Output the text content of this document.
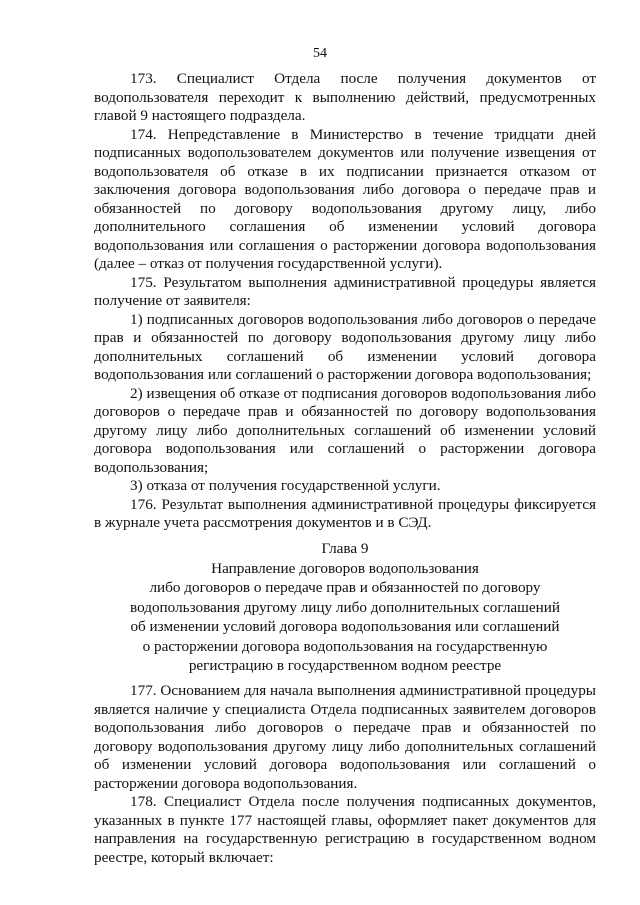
54

173. Специалист Отдела после получения документов от водопользователя переходит к выполнению действий, предусмотренных главой 9 настоящего подраздела.

174. Непредставление в Министерство в течение тридцати дней подписанных водопользователем документов или получение извещения от водопользователя об отказе в их подписании признается отказом от заключения договора водопользования либо договора о передаче прав и обязанностей по договору водопользования другому лицу, либо дополнительного соглашения об изменении условий договора водопользования или соглашения о расторжении договора водопользования (далее – отказ от получения государственной услуги).

175. Результатом выполнения административной процедуры является получение от заявителя:

1) подписанных договоров водопользования либо договоров о передаче прав и обязанностей по договору водопользования другому лицу либо дополнительных соглашений об изменении условий договора водопользования или соглашений о расторжении договора водопользования;

2) извещения об отказе от подписания договоров водопользования либо договоров о передаче прав и обязанностей по договору водопользования другому лицу либо дополнительных соглашений об изменении условий договора водопользования или соглашений о расторжении договора водопользования;

3) отказа от получения государственной услуги.

176. Результат выполнения административной процедуры фиксируется в журнале учета рассмотрения документов и в СЭД.

Глава 9
Направление договоров водопользования
либо договоров о передаче прав и обязанностей по договору
водопользования другому лицу либо дополнительных соглашений
об изменении условий договора водопользования или соглашений
о расторжении договора водопользования на государственную
регистрацию в государственном водном реестре

177. Основанием для начала выполнения административной процедуры является наличие у специалиста Отдела подписанных заявителем договоров водопользования либо договоров о передаче прав и обязанностей по договору водопользования другому лицу либо дополнительных соглашений об изменении условий договора водопользования или соглашений о расторжении договора водопользования.

178. Специалист Отдела после получения подписанных документов, указанных в пункте 177 настоящей главы, оформляет пакет документов для направления на государственную регистрацию в государственном водном реестре, который включает:
